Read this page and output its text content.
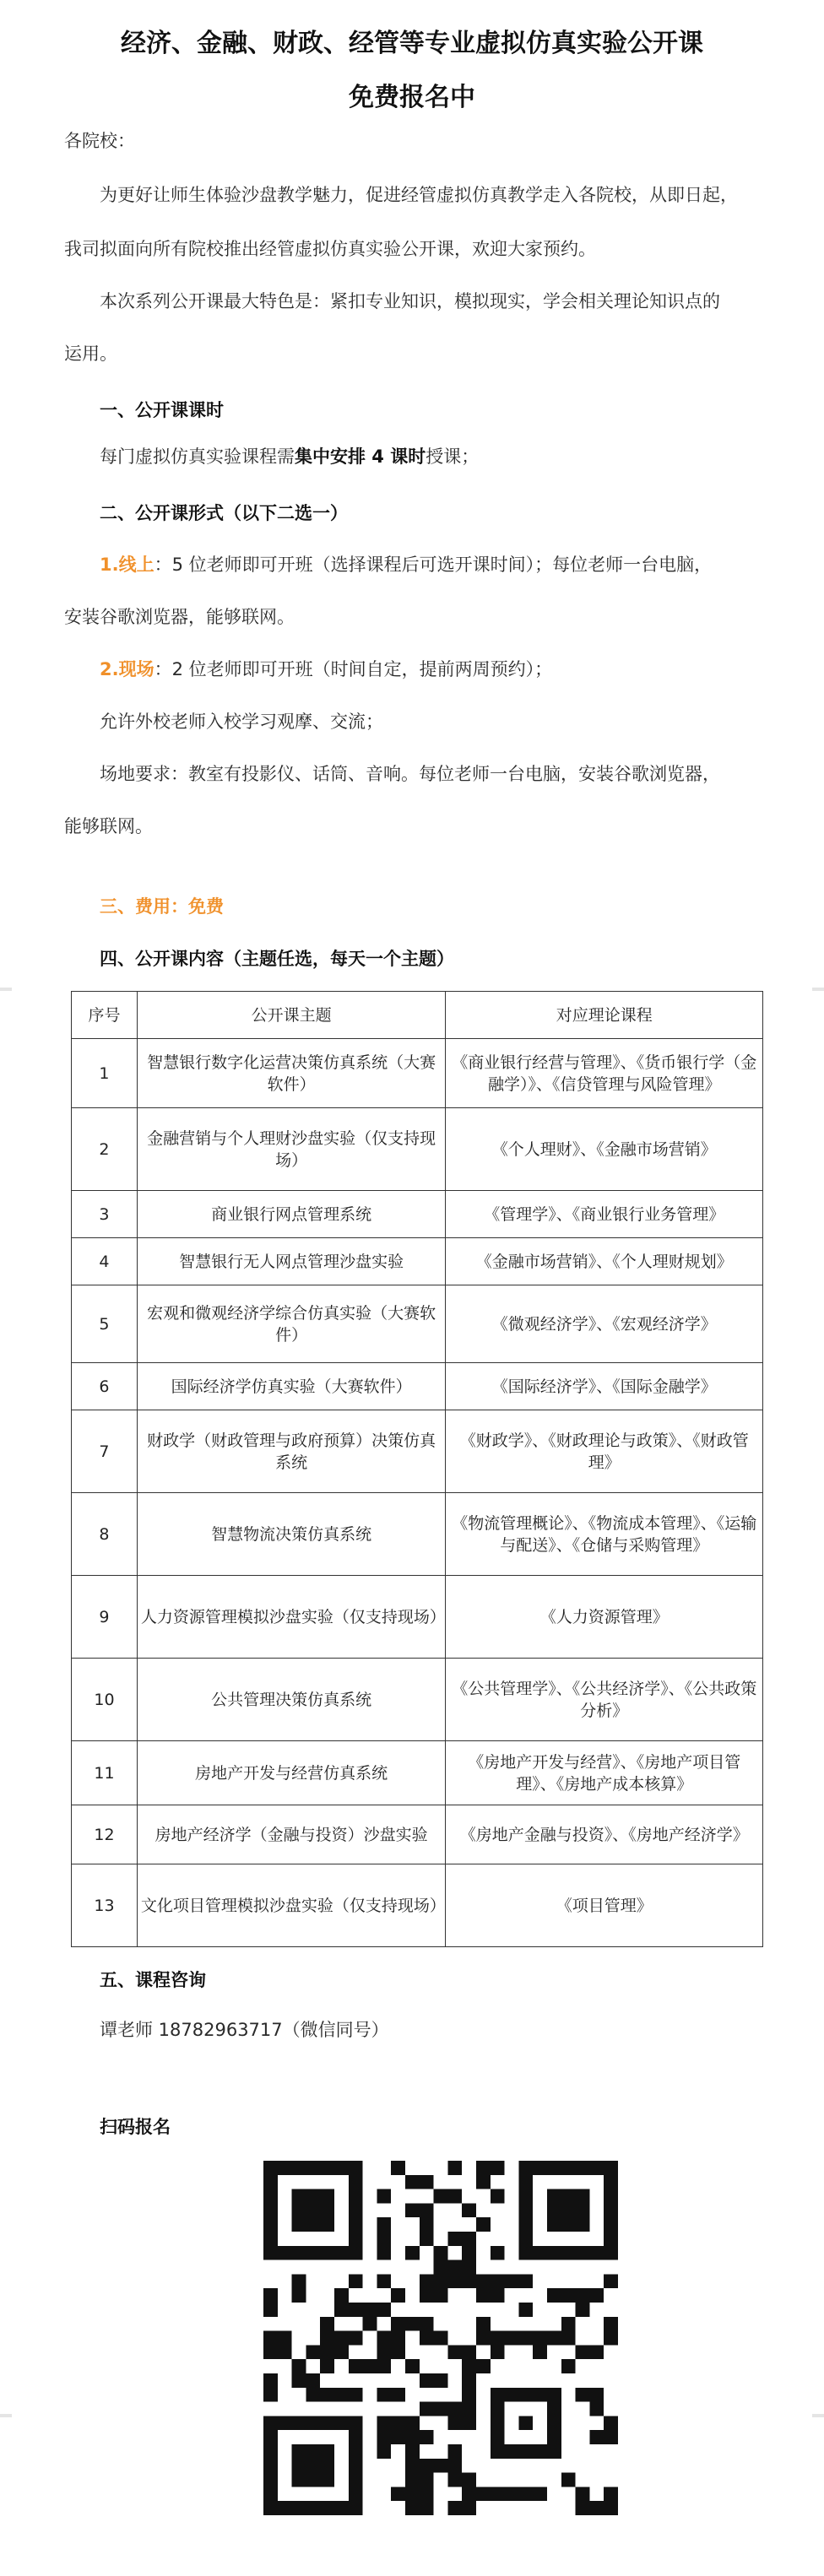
经济、金融、财政、经管等专业虚拟仿真实验公开课
免费报名中
各院校：
为更好让师生体验沙盘教学魅力，促进经管虚拟仿真教学走入各院校，从即日起，
我司拟面向所有院校推出经管虚拟仿真实验公开课，欢迎大家预约。
本次系列公开课最大特色是：紧扣专业知识，模拟现实，学会相关理论知识点的
运用。
一、公开课课时
每门虚拟仿真实验课程需集中安排 4 课时授课；
二、公开课形式（以下二选一）
1.线上：5 位老师即可开班（选择课程后可选开课时间）；每位老师一台电脑，
安装谷歌浏览器，能够联网。
2.现场：2 位老师即可开班（时间自定，提前两周预约）；
允许外校老师入校学习观摩、交流；
场地要求：教室有投影仪、话筒、音响。每位老师一台电脑，安装谷歌浏览器，
能够联网。
三、费用：免费
四、公开课内容（主题任选，每天一个主题）
序号	公开课主题	对应理论课程
1	智慧银行数字化运营决策仿真系统（大赛软件）	《商业银行经营与管理》、《货币银行学（金融学）》、《信贷管理与风险管理》
2	金融营销与个人理财沙盘实验（仅支持现场）	《个人理财》、《金融市场营销》
3	商业银行网点管理系统	《管理学》、《商业银行业务管理》
4	智慧银行无人网点管理沙盘实验	《金融市场营销》、《个人理财规划》
5	宏观和微观经济学综合仿真实验（大赛软件）	《微观经济学》、《宏观经济学》
6	国际经济学仿真实验（大赛软件）	《国际经济学》、《国际金融学》
7	财政学（财政管理与政府预算）决策仿真系统	《财政学》、《财政理论与政策》、《财政管理》
8	智慧物流决策仿真系统	《物流管理概论》、《物流成本管理》、《运输与配送》、《仓储与采购管理》
9	人力资源管理模拟沙盘实验（仅支持现场）	《人力资源管理》
10	公共管理决策仿真系统	《公共管理学》、《公共经济学》、《公共政策分析》
11	房地产开发与经营仿真系统	《房地产开发与经营》、《房地产项目管理》、《房地产成本核算》
12	房地产经济学（金融与投资）沙盘实验	《房地产金融与投资》、《房地产经济学》
13	文化项目管理模拟沙盘实验（仅支持现场）	《项目管理》
五、课程咨询
谭老师 18782963717（微信同号）
扫码报名
